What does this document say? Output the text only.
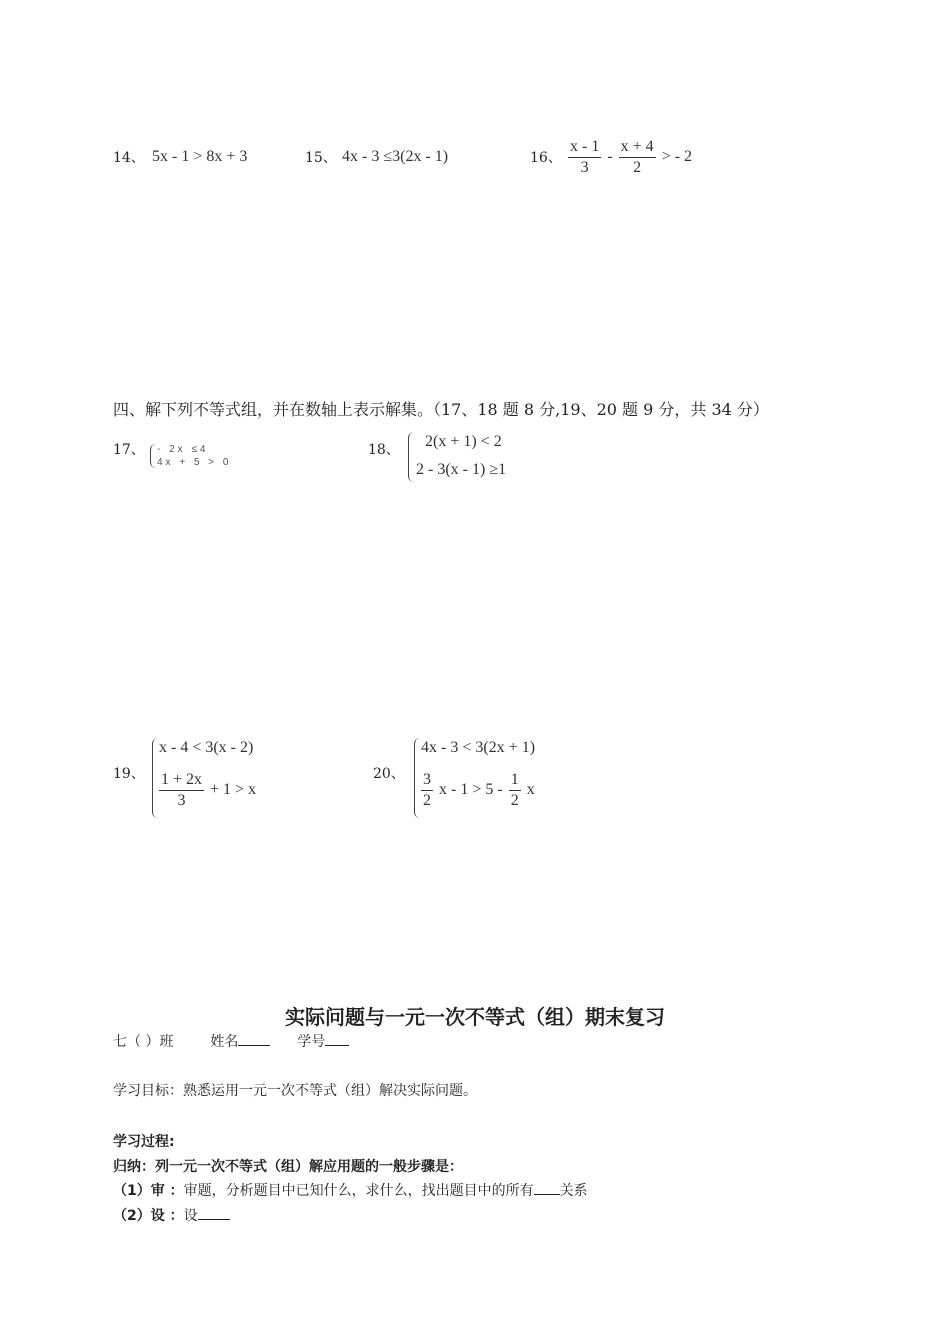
14、 5x - 1 > 8x + 3	15、 4x - 3 ≤3(2x - 1)	16、 $\frac{x - 1}{3} - \frac{x + 4}{2}$ > - 2
四、解下列不等式组，并在数轴上表示解集。（17、18 题 8 分,19、20 题 9 分，共 34 分）
17、 - 2x ≤4
4x + 5 > 0
18、 2(x + 1) < 2
2 - 3(x - 1) ≥1
19、
x - 4 < 3(x - 2)
$\frac{1 + 2x}{3} + 1 > x$
20、
4x - 3 < 3(2x + 1)
$\frac{3}{2}$ $x - 1 > 5 - \frac{1}{2}$ x
实际问题与一元一次不等式（组）期末复习
七（ ）班	姓名	学号
学习目标：熟悉运用一元一次不等式（组）解决实际问题。
学习过程:
归纳：列一元一次不等式（组）解应用题的一般步骤是：
（1）审 ：审题，分析题目中已知什么，求什么，找出题目中的所有 关系
（2）设 ：设
